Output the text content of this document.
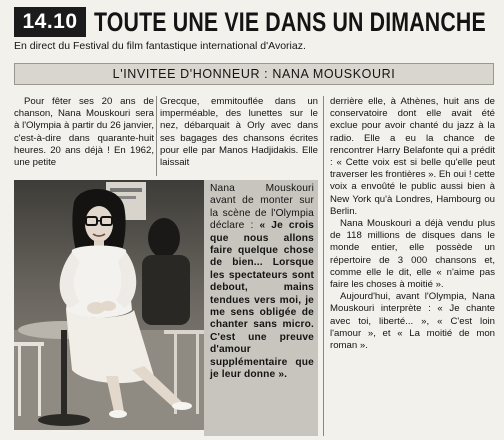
14.10 TOUTE UNE VIE DANS UN DIMANCHE
En direct du Festival du film fantastique international d'Avoriaz.
L'INVITEE D'HONNEUR : NANA MOUSKOURI

Pour fêter ses 20 ans de chanson, Nana Mouskouri sera à l'Olympia à partir du 26 janvier, c'est-à-dire dans quarante-huit heures. 20 ans déjà ! En 1962, une petite

Grecque, emmitouflée dans un imperméable, des lunettes sur le nez, débarquait à Orly avec dans ses bagages des chansons écrites pour elle par Manos Hadjidakis. Elle laissait

derrière elle, à Athènes, huit ans de conservatoire dont elle avait été exclue pour avoir chanté du jazz à la radio. Elle a eu la chance de rencontrer Harry Belafonte qui a prédit : « Cette voix est si belle qu'elle peut traverser les frontières ». Eh oui ! cette voix a envoûté le public aussi bien à New York qu'à Londres, Hambourg ou Berlin.

Nana Mouskouri a déjà vendu plus de 118 millions de disques dans le monde entier, elle possède un répertoire de 3 000 chansons et, comme elle le dit, elle « n'aime pas faire les choses à moitié ».

Aujourd'hui, avant l'Olympia, Nana Mouskouri interprète : « Je chante avec toi, liberté... », « C'est loin l'amour », et « La moitié de mon roman ».

Nana Mouskouri avant de monter sur la scène de l'Olympia déclare : « Je crois que nous allons faire quelque chose de bien... Lorsque les spectateurs sont debout, mains tendues vers moi, je me sens obligée de chanter sans micro. C'est une preuve d'amour supplémentaire que je leur donne ».
